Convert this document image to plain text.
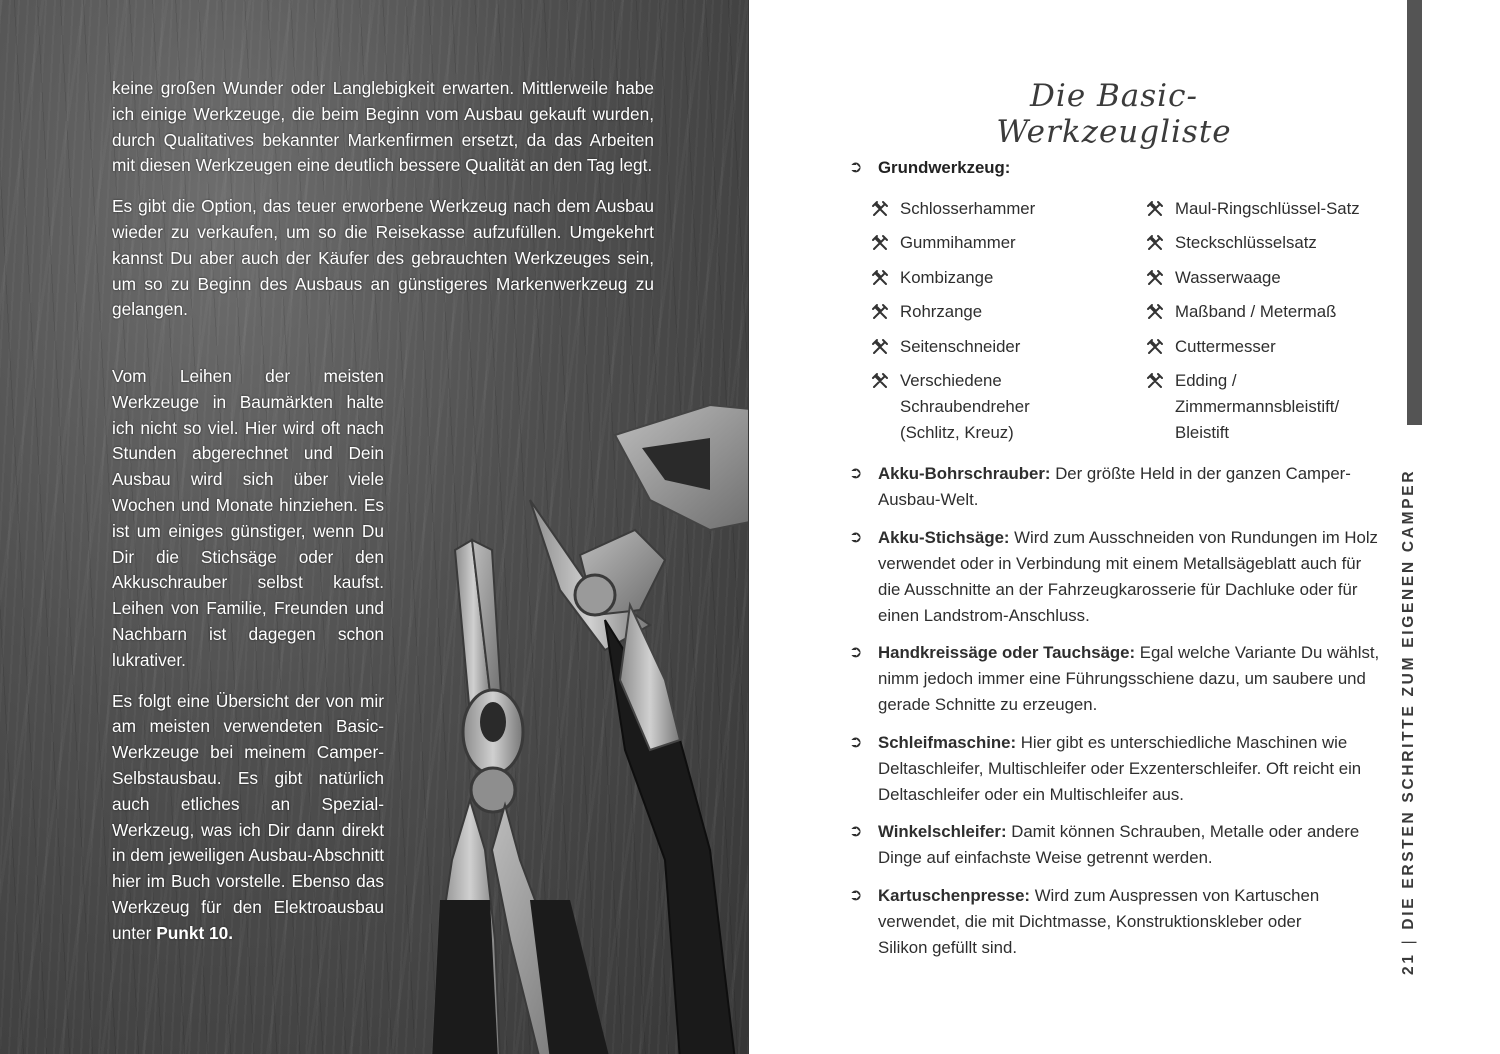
keine großen Wunder oder Langlebigkeit erwarten. Mittlerweile habe ich einige Werkzeuge, die beim Beginn vom Ausbau gekauft wurden, durch Qualitatives bekannter Markenfirmen ersetzt, da das Arbeiten mit diesen Werkzeugen eine deutlich bessere Qualität an den Tag legt.

Es gibt die Option, das teuer erworbene Werkzeug nach dem Ausbau wieder zu verkaufen, um so die Reisekasse aufzufüllen. Umgekehrt kannst Du aber auch der Käufer des gebrauchten Werkzeuges sein, um so zu Beginn des Ausbaus an günstigeres Markenwerkzeug zu gelangen.

Vom Leihen der meisten Werkzeuge in Baumärkten halte ich nicht so viel. Hier wird oft nach Stunden abgerechnet und Dein Ausbau wird sich über viele Wochen und Monate hinziehen. Es ist um einiges günstiger, wenn Du Dir die Stichsäge oder den Akkuschrauber selbst kaufst. Leihen von Familie, Freunden und Nachbarn ist dagegen schon lukrativer.

Es folgt eine Übersicht der von mir am meisten verwendeten Basic-Werkzeuge bei meinem Camper-Selbstausbau. Es gibt natürlich auch etliches an Spezial-Werkzeug, was ich Dir dann direkt in dem jeweiligen Ausbau-Abschnitt hier im Buch vorstelle. Ebenso das Werkzeug für den Elektroausbau unter Punkt 10.

Die Basic-Werkzeugliste
➲ Grundwerkzeug:
Schlosserhammer
Gummihammer
Kombizange
Rohrzange
Seitenschneider
Verschiedene Schraubendreher (Schlitz, Kreuz)
Maul-Ringschlüssel-Satz
Steckschlüsselsatz
Wasserwaage
Maßband / Metermaß
Cuttermesser
Edding / Zimmermannsbleistift/ Bleistift
➲ Akku-Bohrschrauber: Der größte Held in der ganzen Camper-Ausbau-Welt.
➲ Akku-Stichsäge: Wird zum Ausschneiden von Rundungen im Holz verwendet oder in Verbindung mit einem Metallsägeblatt auch für die Ausschnitte an der Fahrzeugkarosserie für Dachluke oder für einen Landstrom-Anschluss.
➲ Handkreissäge oder Tauchsäge: Egal welche Variante Du wählst, nimm jedoch immer eine Führungsschiene dazu, um saubere und gerade Schnitte zu erzeugen.
➲ Schleifmaschine: Hier gibt es unterschiedliche Maschinen wie Deltaschleifer, Multischleifer oder Exzenterschleifer. Oft reicht ein Deltaschleifer oder ein Multischleifer aus.
➲ Winkelschleifer: Damit können Schrauben, Metalle oder andere Dinge auf einfachste Weise getrennt werden.
➲ Kartuschenpresse: Wird zum Auspressen von Kartuschen verwendet, die mit Dichtmasse, Konstruktionskleber oder Silikon gefüllt sind.
21|DIE ERSTEN SCHRITTE ZUM EIGENEN CAMPER
